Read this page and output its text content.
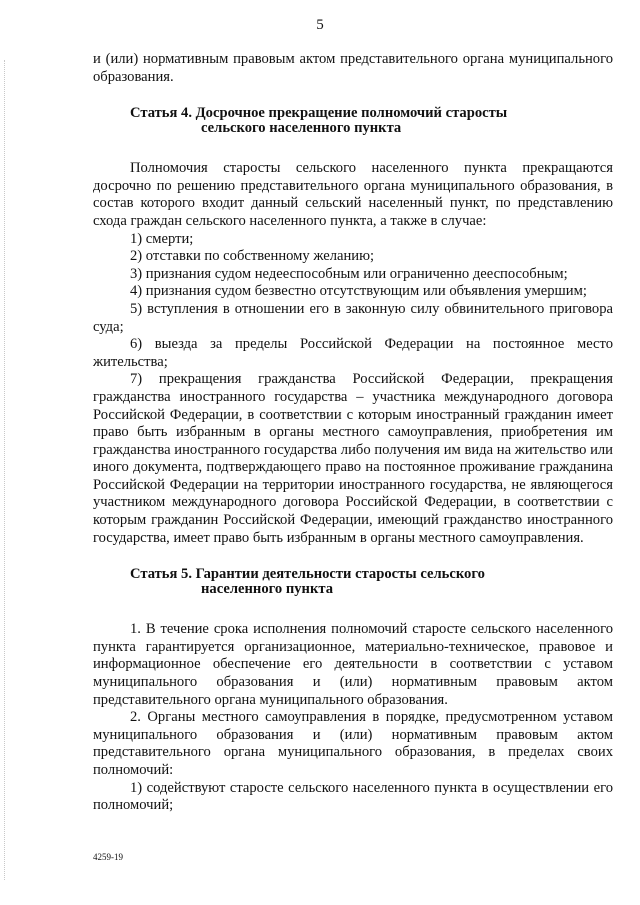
5

и (или) нормативным правовым актом представительного органа муниципального образования.

Статья 4. Досрочное прекращение полномочий старосты
сельского населенного пункта

Полномочия старосты сельского населенного пункта прекращаются досрочно по решению представительного органа муниципального образования, в состав которого входит данный сельский населенный пункт, по представлению схода граждан сельского населенного пункта, а также в случае:

1) смерти;

2) отставки по собственному желанию;

3) признания судом недееспособным или ограниченно дееспособным;

4) признания судом безвестно отсутствующим или объявления умершим;

5) вступления в отношении его в законную силу обвинительного приговора суда;

6) выезда за пределы Российской Федерации на постоянное место жительства;

7) прекращения гражданства Российской Федерации, прекращения гражданства иностранного государства – участника международного договора Российской Федерации, в соответствии с которым иностранный гражданин имеет право быть избранным в органы местного самоуправления, приобретения им гражданства иностранного государства либо получения им вида на жительство или иного документа, подтверждающего право на постоянное проживание гражданина Российской Федерации на территории иностранного государства, не являющегося участником международного договора Российской Федерации, в соответствии с которым гражданин Российской Федерации, имеющий гражданство иностранного государства, имеет право быть избранным в органы местного самоуправления.

Статья 5. Гарантии деятельности старосты сельского
населенного пункта

1. В течение срока исполнения полномочий старосте сельского населенного пункта гарантируется организационное, материально-техническое, правовое и информационное обеспечение его деятельности в соответствии с уставом муниципального образования и (или) нормативным правовым актом представительного органа муниципального образования.

2. Органы местного самоуправления в порядке, предусмотренном уставом муниципального образования и (или) нормативным правовым актом представительного органа муниципального образования, в пределах своих полномочий:

1) содействуют старосте сельского населенного пункта в осуществлении его полномочий;

4259-19
